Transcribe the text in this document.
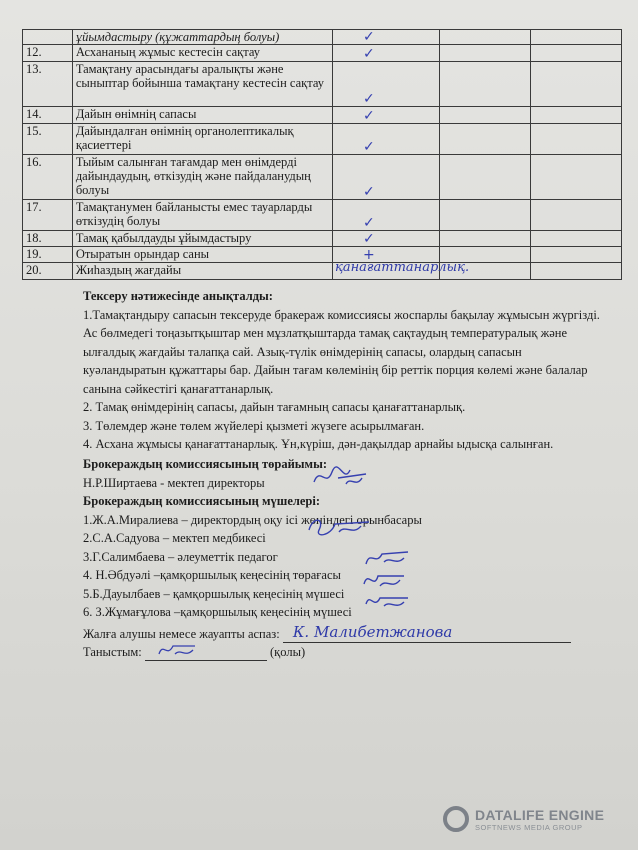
	ұйымдастыру (құжаттардың болуы)	✓		

12.	Асхананың жұмыс кестесін сақтау	✓		

13.	Тамақтану арасындағы аралықты және сыныптар бойынша тамақтану кестесін сақтау	✓		

14.	Дайын өнімнің сапасы	✓		

15.	Дайындалған өнімнің органолептикалық қасиеттері	✓		

16.	Тыйым салынған тағамдар мен өнімдерді дайындаудың, өткізудің және пайдаланудың болуы	✓		

17.	Тамақтанумен байланысты емес тауарларды өткізудің болуы	✓		

18.	Тамақ қабылдауды ұйымдастыру	✓		

19.	Отыратын орындар саны	+		

20.	Жиһаздың жағдайы	қанағаттанарлық.		

Тексеру нәтижесінде анықталды:

1.Тамақтандыру сапасын тексеруде бракераж комиссиясы жоспарлы бақылау жұмысын жүргізді. Ас бөлмедегі тоңазытқыштар мен мұзлатқыштарда тамақ сақтаудың температуралық және ылғалдық жағдайы талапқа сай. Азық-түлік өнімдерінің сапасы, олардың сапасын куәландыратын құжаттары бар. Дайын тағам көлемінің бір реттік порция көлемі және балалар санына сәйкестігі қанағаттанарлық.

2. Тамақ өнімдерінің сапасы, дайын тағамның сапасы қанағаттанарлық.

3. Төлемдер және төлем жүйелері қызметі жүзеге асырылмаған.

4. Асхана жұмысы қанағаттанарлық. Ұн,күріш, дән-дақылдар арнайы ыдысқа салынған.

Брокераждың комиссиясының төрайымы:

Н.Р.Ширтаева - мектеп директоры

Брокераждың комиссиясының мүшелері:

1.Ж.А.Миралиева – директордың оқу ісі жөніндегі орынбасары

2.С.А.Садуова – мектеп медбикесі

3.Г.Салимбаева – әлеуметтік педагог

4. Н.Әбдуәлі –қамқоршылық кеңесінің төрағасы

5.Б.Дауылбаев – қамқоршылық кеңесінің мүшесі

6. З.Жұмағұлова –қамқоршылық кеңесінің мүшесі

Жалға алушы немесе жауапты аспаз: К. Малибетжанова

Таныстым:	(қолы)

DATALIFE ENGINE
SOFTNEWS MEDIA GROUP
